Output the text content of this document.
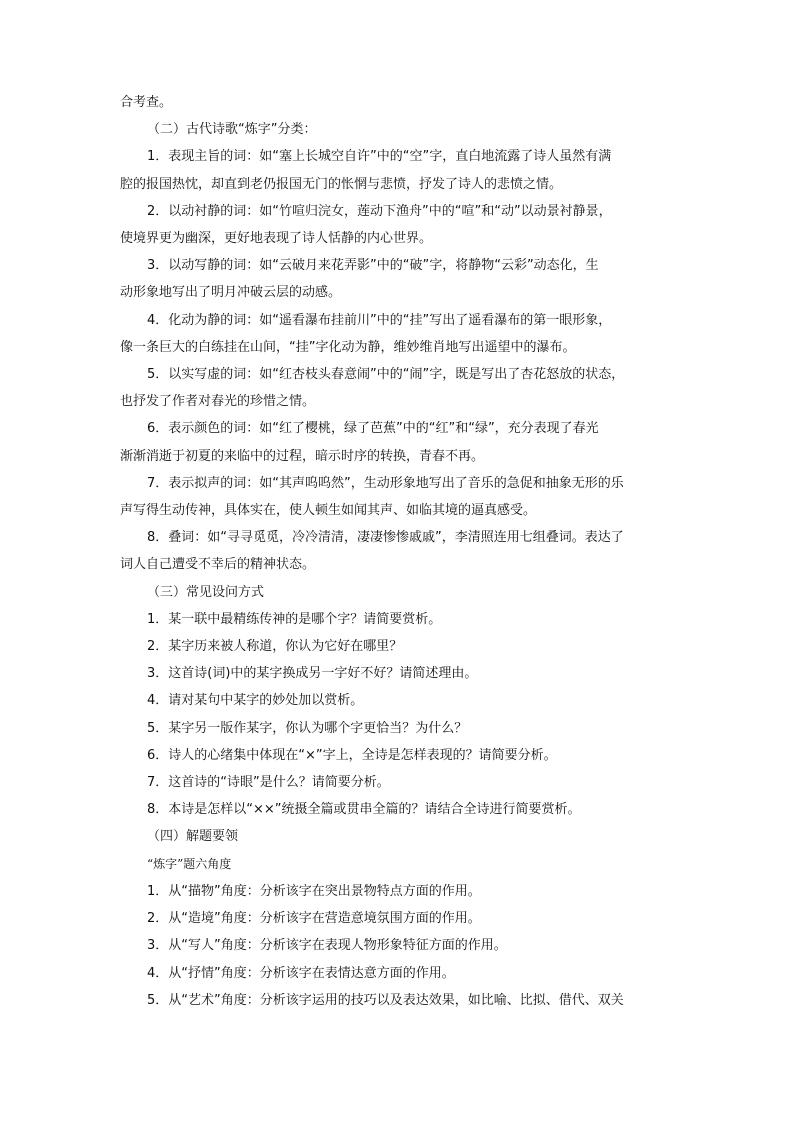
合考查。
（二）古代诗歌“炼字”分类：
1．表现主旨的词：如“塞上长城空自许”中的“空”字，直白地流露了诗人虽然有满
腔的报国热忱，却直到老仍报国无门的怅惘与悲愤，抒发了诗人的悲愤之情。
2．以动衬静的词：如“竹喧归浣女，莲动下渔舟”中的“喧”和“动”以动景衬静景，
使境界更为幽深，更好地表现了诗人恬静的内心世界。
3．以动写静的词：如“云破月来花弄影”中的“破”字，将静物“云彩”动态化，生
动形象地写出了明月冲破云层的动感。
4．化动为静的词：如“遥看瀑布挂前川”中的“挂”写出了遥看瀑布的第一眼形象，
像一条巨大的白练挂在山间，“挂”字化动为静，维妙维肖地写出遥望中的瀑布。
5．以实写虚的词：如“红杏枝头春意闹”中的“闹”字，既是写出了杏花怒放的状态，
也抒发了作者对春光的珍惜之情。
6．表示颜色的词：如“红了樱桃，绿了芭蕉”中的“红”和“绿”，充分表现了春光
渐渐消逝于初夏的来临中的过程，暗示时序的转换，青春不再。
7．表示拟声的词：如“其声呜呜然”，生动形象地写出了音乐的急促和抽象无形的乐
声写得生动传神，具体实在，使人顿生如闻其声、如临其境的逼真感受。
8．叠词：如“寻寻觅觅，冷冷清清，凄凄惨惨戚戚”，李清照连用七组叠词。表达了
词人自己遭受不幸后的精神状态。
（三）常见设问方式
1．某一联中最精练传神的是哪个字？请简要赏析。
2．某字历来被人称道，你认为它好在哪里？
3．这首诗(词)中的某字换成另一字好不好？请简述理由。
4．请对某句中某字的妙处加以赏析。
5．某字另一版作某字，你认为哪个字更恰当？为什么？
6．诗人的心绪集中体现在“×”字上，全诗是怎样表现的？请简要分析。
7．这首诗的“诗眼”是什么？请简要分析。
8．本诗是怎样以“××”统摄全篇或贯串全篇的？请结合全诗进行简要赏析。
（四）解题要领
“炼字”题六角度
1．从“描物”角度：分析该字在突出景物特点方面的作用。
2．从“造境”角度：分析该字在营造意境氛围方面的作用。
3．从“写人”角度：分析该字在表现人物形象特征方面的作用。
4．从“抒情”角度：分析该字在表情达意方面的作用。
5．从“艺术”角度：分析该字运用的技巧以及表达效果，如比喻、比拟、借代、双关
